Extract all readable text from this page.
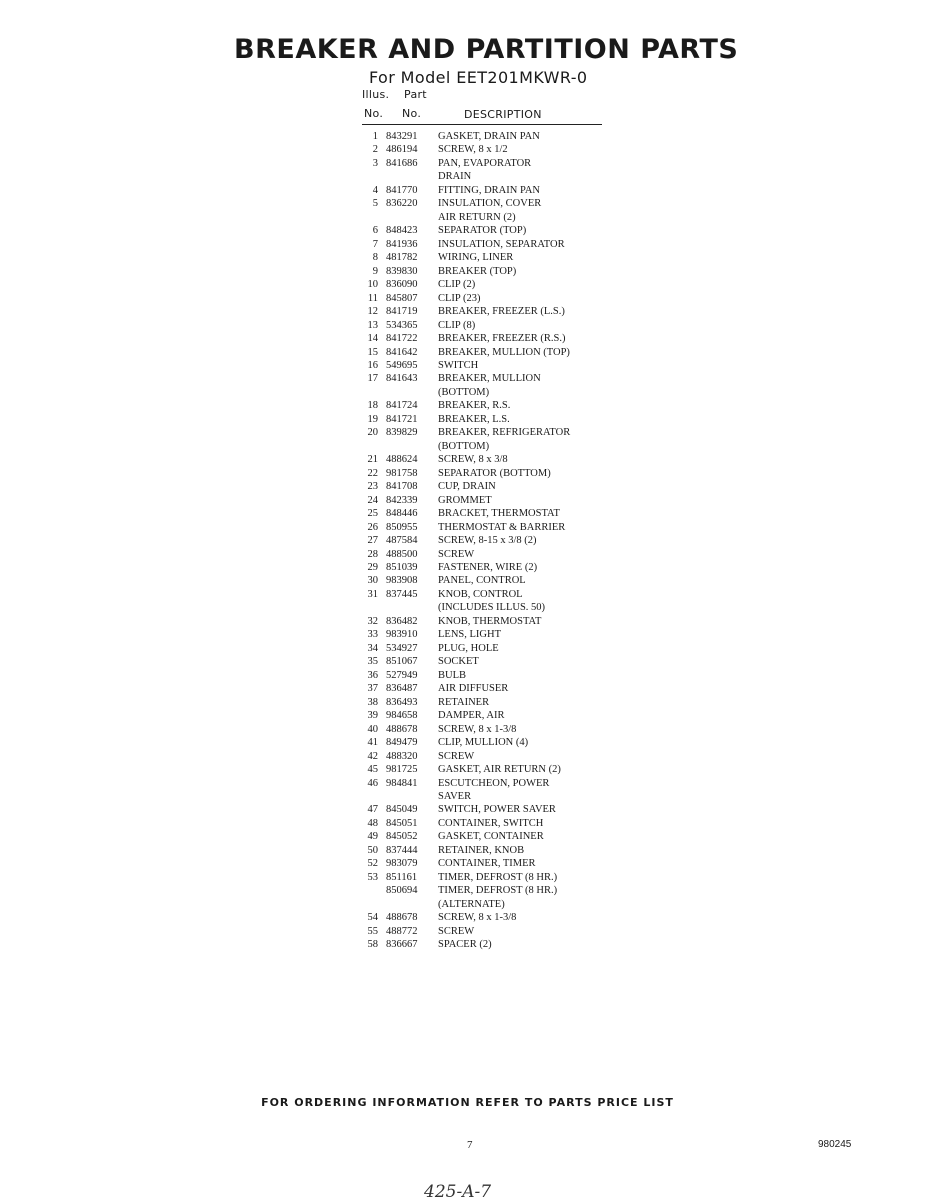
BREAKER AND PARTITION PARTS
For Model EET201MKWR-0
Illus. Part
No. No.	DESCRIPTION
1 843291	GASKET, DRAIN PAN
2 486194	SCREW, 8 x 1/2
3 841686	PAN, EVAPORATOR
DRAIN
4 841770	FITTING, DRAIN PAN
5 836220	INSULATION, COVER
AIR RETURN (2)
6 848423	SEPARATOR (TOP)
7 841936	INSULATION, SEPARATOR
8 481782	WIRING, LINER
9 839830	BREAKER (TOP)
10 836090	CLIP (2)
11 845807	CLIP (23)
12 841719	BREAKER, FREEZER (L.S.)
13 534365	CLIP (8)
14 841722	BREAKER, FREEZER (R.S.)
15 841642	BREAKER, MULLION (TOP)
16 549695	SWITCH
17 841643	BREAKER, MULLION
(BOTTOM)
18 841724	BREAKER, R.S.
19 841721	BREAKER, L.S.
20 839829	BREAKER, REFRIGERATOR
(BOTTOM)
21 488624	SCREW, 8 x 3/8
22 981758	SEPARATOR (BOTTOM)
23 841708	CUP, DRAIN
24 842339	GROMMET
25 848446	BRACKET, THERMOSTAT
26 850955	THERMOSTAT & BARRIER
27 487584	SCREW, 8-15 x 3/8 (2)
28 488500	SCREW
29 851039	FASTENER, WIRE (2)
30 983908	PANEL, CONTROL
31 837445	KNOB, CONTROL
(INCLUDES ILLUS. 50)
32 836482	KNOB, THERMOSTAT
33 983910	LENS, LIGHT
34 534927	PLUG, HOLE
35 851067	SOCKET
36 527949	BULB
37 836487	AIR DIFFUSER
38 836493	RETAINER
39 984658	DAMPER, AIR
40 488678	SCREW, 8 x 1-3/8
41 849479	CLIP, MULLION (4)
42 488320	SCREW
45 981725	GASKET, AIR RETURN (2)
46 984841	ESCUTCHEON, POWER
SAVER
47 845049	SWITCH, POWER SAVER
48 845051	CONTAINER, SWITCH
49 845052	GASKET, CONTAINER
50 837444	RETAINER, KNOB
52 983079	CONTAINER, TIMER
53 851161	TIMER, DEFROST (8 HR.)
850694	TIMER, DEFROST (8 HR.)
(ALTERNATE)
54 488678	SCREW, 8 x 1-3/8
55 488772	SCREW
58 836667	SPACER (2)
FOR ORDERING INFORMATION REFER TO PARTS PRICE LIST
7	980245
425-A-7
